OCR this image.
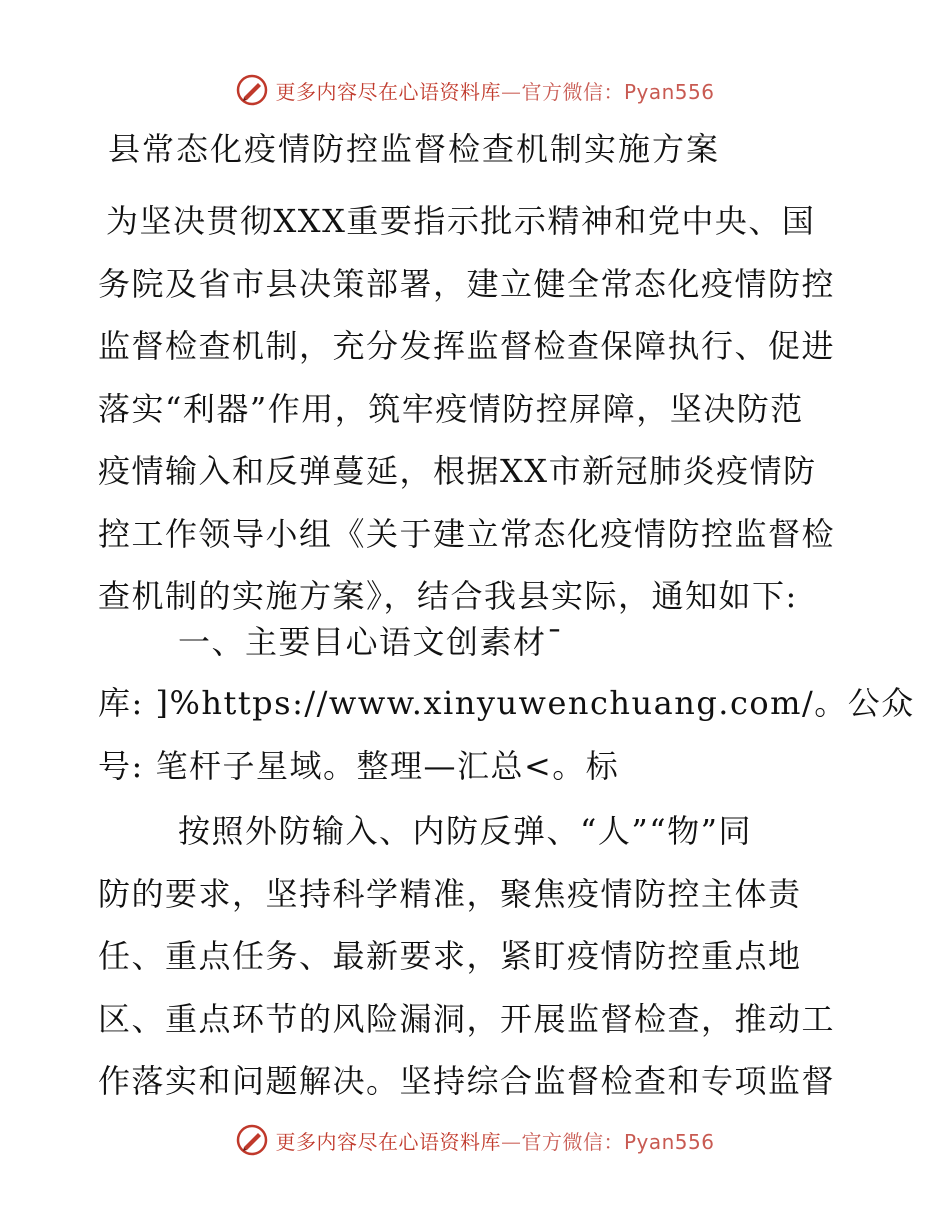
更多内容尽在心语资料库—官方微信：Pyan556
县常态化疫情防控监督检查机制实施方案

为坚决贯彻XXX重要指示批示精神和党中央、国
务院及省市县决策部署，建立健全常态化疫情防控
监督检查机制，充分发挥监督检查保障执行、促进
落实“利器”作用，筑牢疫情防控屏障，坚决防范
疫情输入和反弹蔓延，根据XX市新冠肺炎疫情防
控工作领导小组《关于建立常态化疫情防控监督检
查机制的实施方案》，结合我县实际，通知如下:

一、主要目心语文创素材¯

库: ]%https://www.xinyuwenchuang.com/。公众
号: 笔杆子星域。整理—汇总<。标

按照外防输入、内防反弹、“人”“物”同
防的要求，坚持科学精准，聚焦疫情防控主体责
任、重点任务、最新要求，紧盯疫情防控重点地
区、重点环节的风险漏洞，开展监督检查，推动工
作落实和问题解决。坚持综合监督检查和专项监督

更多内容尽在心语资料库—官方微信：Pyan556
